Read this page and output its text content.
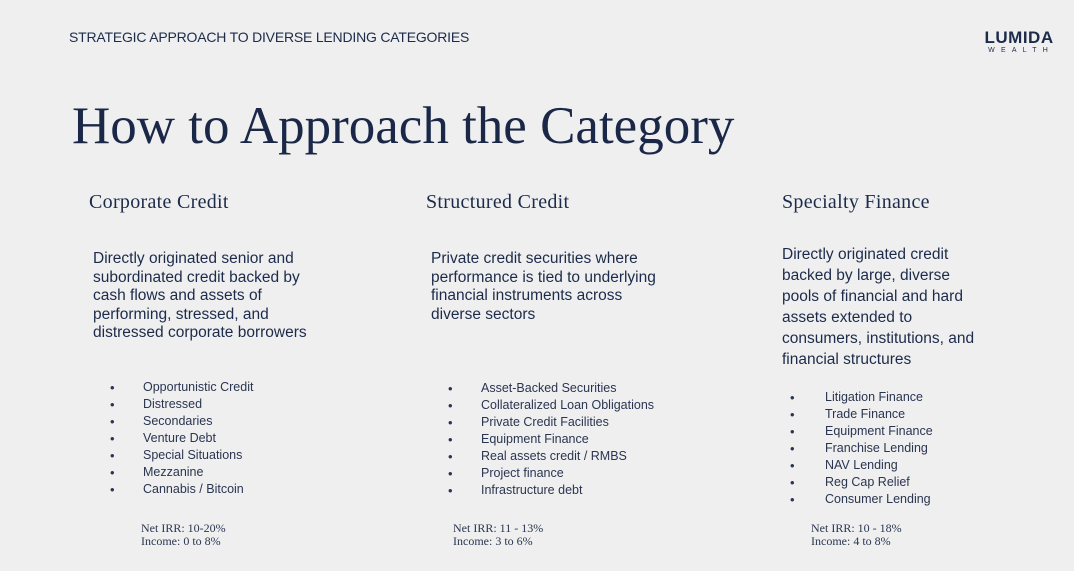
STRATEGIC APPROACH TO DIVERSE LENDING CATEGORIES	LUMIDA
WEALTH
How to Approach the Category
Corporate Credit
Directly originated senior and subordinated credit backed by cash flows and assets of performing, stressed, and distressed corporate borrowers
• Opportunistic Credit
• Distressed
• Secondaries
• Venture Debt
• Special Situations
• Mezzanine
• Cannabis / Bitcoin
Net IRR: 10-20%
Income: 0 to 8%
Structured Credit
Private credit securities where performance is tied to underlying financial instruments across diverse sectors
• Asset-Backed Securities
• Collateralized Loan Obligations
• Private Credit Facilities
• Equipment Finance
• Real assets credit / RMBS
• Project finance
• Infrastructure debt
Net IRR: 11 - 13%
Income: 3 to 6%
Specialty Finance
Directly originated credit backed by large, diverse pools of financial and hard assets extended to consumers, institutions, and financial structures
• Litigation Finance
• Trade Finance
• Equipment Finance
• Franchise Lending
• NAV Lending
• Reg Cap Relief
• Consumer Lending
Net IRR: 10 - 18%
Income: 4 to 8%
